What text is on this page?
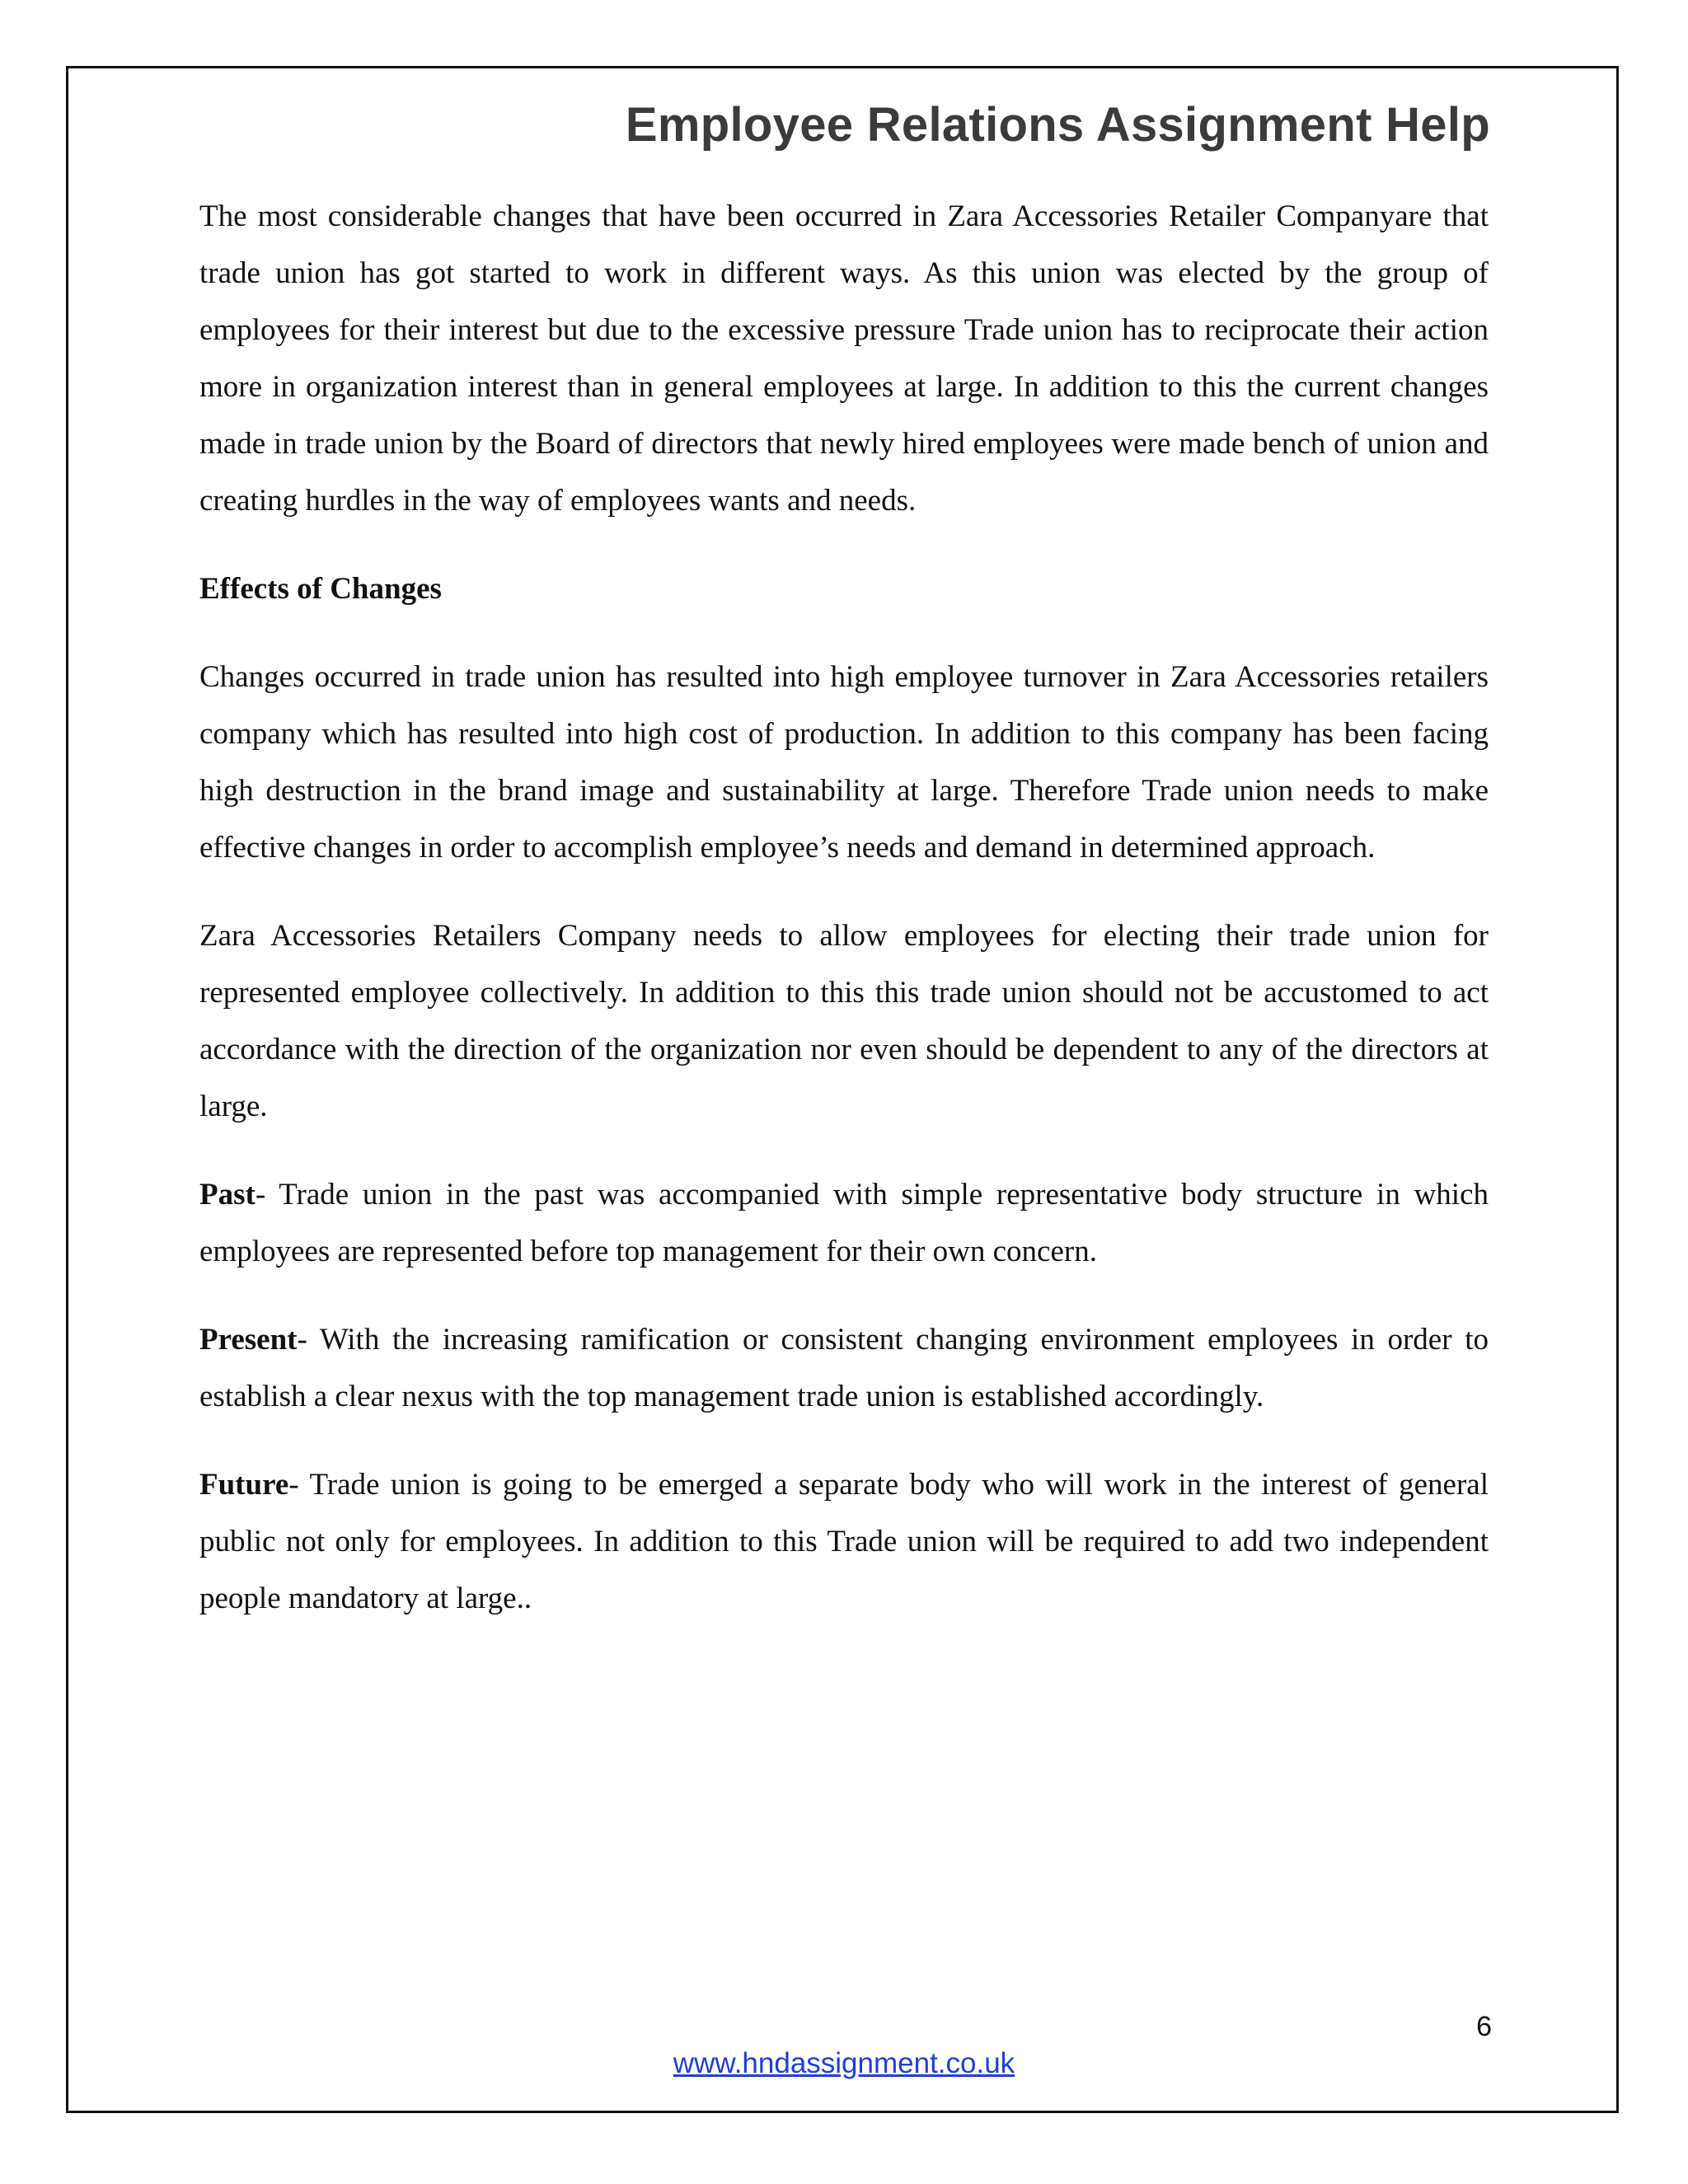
Employee Relations Assignment Help

The most considerable changes that have been occurred in Zara Accessories Retailer Companyare that trade union has got started to work in different ways. As this union was elected by the group of employees for their interest but due to the excessive pressure Trade union has to reciprocate their action more in organization interest than in general employees at large. In addition to this the current changes made in trade union by the Board of directors that newly hired employees were made bench of union and creating hurdles in the way of employees wants and needs.

Effects of Changes

Changes occurred in trade union has resulted into high employee turnover in Zara Accessories retailers company which has resulted into high cost of production. In addition to this company has been facing high destruction in the brand image and sustainability at large. Therefore Trade union needs to make effective changes in order to accomplish employee’s needs and demand in determined approach.

Zara Accessories Retailers Company needs to allow employees for electing their trade union for represented employee collectively. In addition to this this trade union should not be accustomed to act accordance with the direction of the organization nor even should be dependent to any of the directors at large.

Past- Trade union in the past was accompanied with simple representative body structure in which employees are represented before top management for their own concern.

Present- With the increasing ramification or consistent changing environment employees in order to establish a clear nexus with the top management trade union is established accordingly.

Future- Trade union is going to be emerged a separate body who will work in the interest of general public not only for employees. In addition to this Trade union will be required to add two independent people mandatory at large..

6
www.hndassignment.co.uk
